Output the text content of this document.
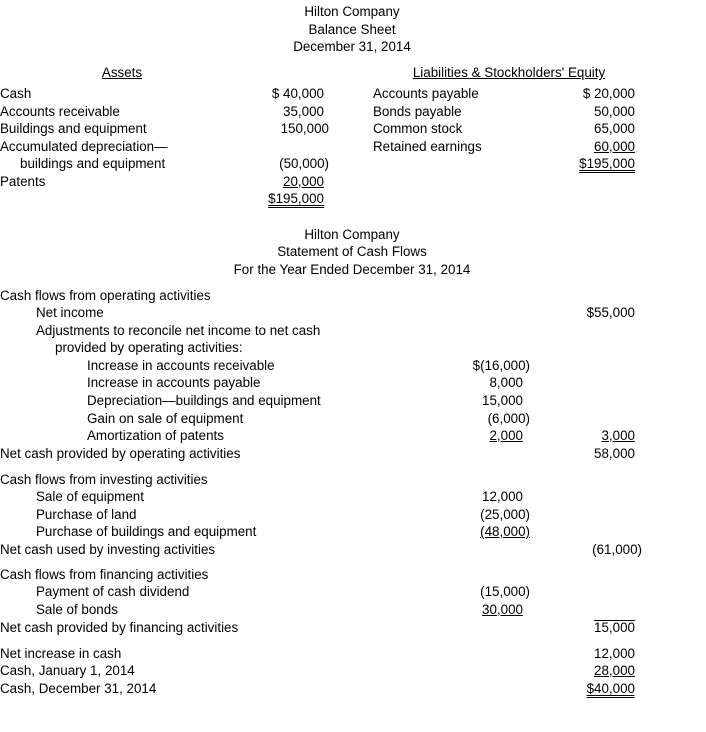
Hilton Company
Balance Sheet
December 31, 2014
Assets	Liabilities & Stockholders' Equity
Cash	$ 40,000
Accounts receivable	35,000
Buildings and equipment	150,000
Accumulated depreciation—
buildings and equipment	(50,000)
Patents	20,000
$195,000
Accounts payable	$ 20,000
Bonds payable	50,000
Common stock	65,000
Retained earnings	60,000
$195,000
Hilton Company
Statement of Cash Flows
For the Year Ended December 31, 2014
Cash flows from operating activities
Net income	$55,000
Adjustments to reconcile net income to net cash
provided by operating activities:
Increase in accounts receivable	$(16,000)
Increase in accounts payable	8,000
Depreciation—buildings and equipment	15,000
Gain on sale of equipment	(6,000)
Amortization of patents	2,000	3,000
Net cash provided by operating activities	58,000
Cash flows from investing activities
Sale of equipment	12,000
Purchase of land	(25,000)
Purchase of buildings and equipment	(48,000)
Net cash used by investing activities	(61,000)
Cash flows from financing activities
Payment of cash dividend	(15,000)
Sale of bonds	30,000
Net cash provided by financing activities	15,000
Net increase in cash	12,000
Cash, January 1, 2014	28,000
Cash, December 31, 2014	$40,000
